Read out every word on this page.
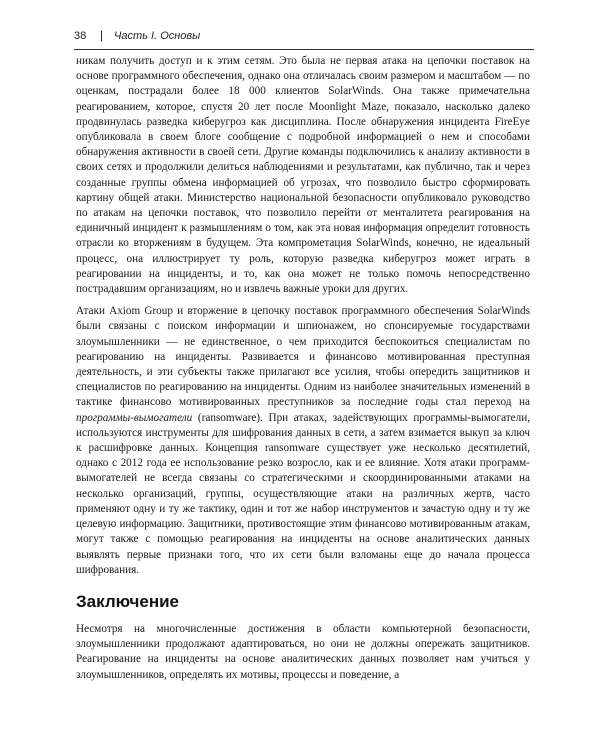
38 | Часть I. Основы

никам получить доступ и к этим сетям. Это была не первая атака на цепочки поставок на основе программного обеспечения, однако она отличалась своим размером и масштабом — по оценкам, пострадали более 18 000 клиентов SolarWinds. Она также примечательна реагированием, которое, спустя 20 лет после Moonlight Maze, показало, насколько далеко продвинулась разведка киберугроз как дисциплина. После обнаружения инцидента FireEye опубликовала в своем блоге сообщение с подробной информацией о нем и способами обнаружения активности в своей сети. Другие команды подключились к анализу активности в своих сетях и продолжили делиться наблюдениями и результатами, как публично, так и через созданные группы обмена информацией об угрозах, что позволило быстро сформировать картину общей атаки. Министерство национальной безопасности опубликовало руководство по атакам на цепочки поставок, что позволило перейти от менталитета реагирования на единичный инцидент к размышлениям о том, как эта новая информация определит готовность отрасли ко вторжениям в будущем. Эта компрометация SolarWinds, конечно, не идеальный процесс, она иллюстрирует ту роль, которую разведка киберугроз может играть в реагировании на инциденты, и то, как она может не только помочь непосредственно пострадавшим организациям, но и извлечь важные уроки для других.

Атаки Axiom Group и вторжение в цепочку поставок программного обеспечения SolarWinds были связаны с поиском информации и шпионажем, но спонсируемые государствами злоумышленники — не единственное, о чем приходится беспокоиться специалистам по реагированию на инциденты. Развивается и финансово мотивированная преступная деятельность, и эти субъекты также прилагают все усилия, чтобы опередить защитников и специалистов по реагированию на инциденты. Одним из наиболее значительных изменений в тактике финансово мотивированных преступников за последние годы стал переход на программы-вымогатели (ransomware). При атаках, задействующих программы-вымогатели, используются инструменты для шифрования данных в сети, а затем взимается выкуп за ключ к расшифровке данных. Концепция ransomware существует уже несколько десятилетий, однако с 2012 года ее использование резко возросло, как и ее влияние. Хотя атаки программ-вымогателей не всегда связаны со стратегическими и скоординированными атаками на несколько организаций, группы, осуществляющие атаки на различных жертв, часто применяют одну и ту же тактику, один и тот же набор инструментов и зачастую одну и ту же целевую информацию. Защитники, противостоящие этим финансово мотивированным атакам, могут также с помощью реагирования на инциденты на основе аналитических данных выявлять первые признаки того, что их сети были взломаны еще до начала процесса шифрования.

Заключение

Несмотря на многочисленные достижения в области компьютерной безопасности, злоумышленники продолжают адаптироваться, но они не должны опережать защитников. Реагирование на инциденты на основе аналитических данных позволяет нам учиться у злоумышленников, определять их мотивы, процессы и поведение, а
